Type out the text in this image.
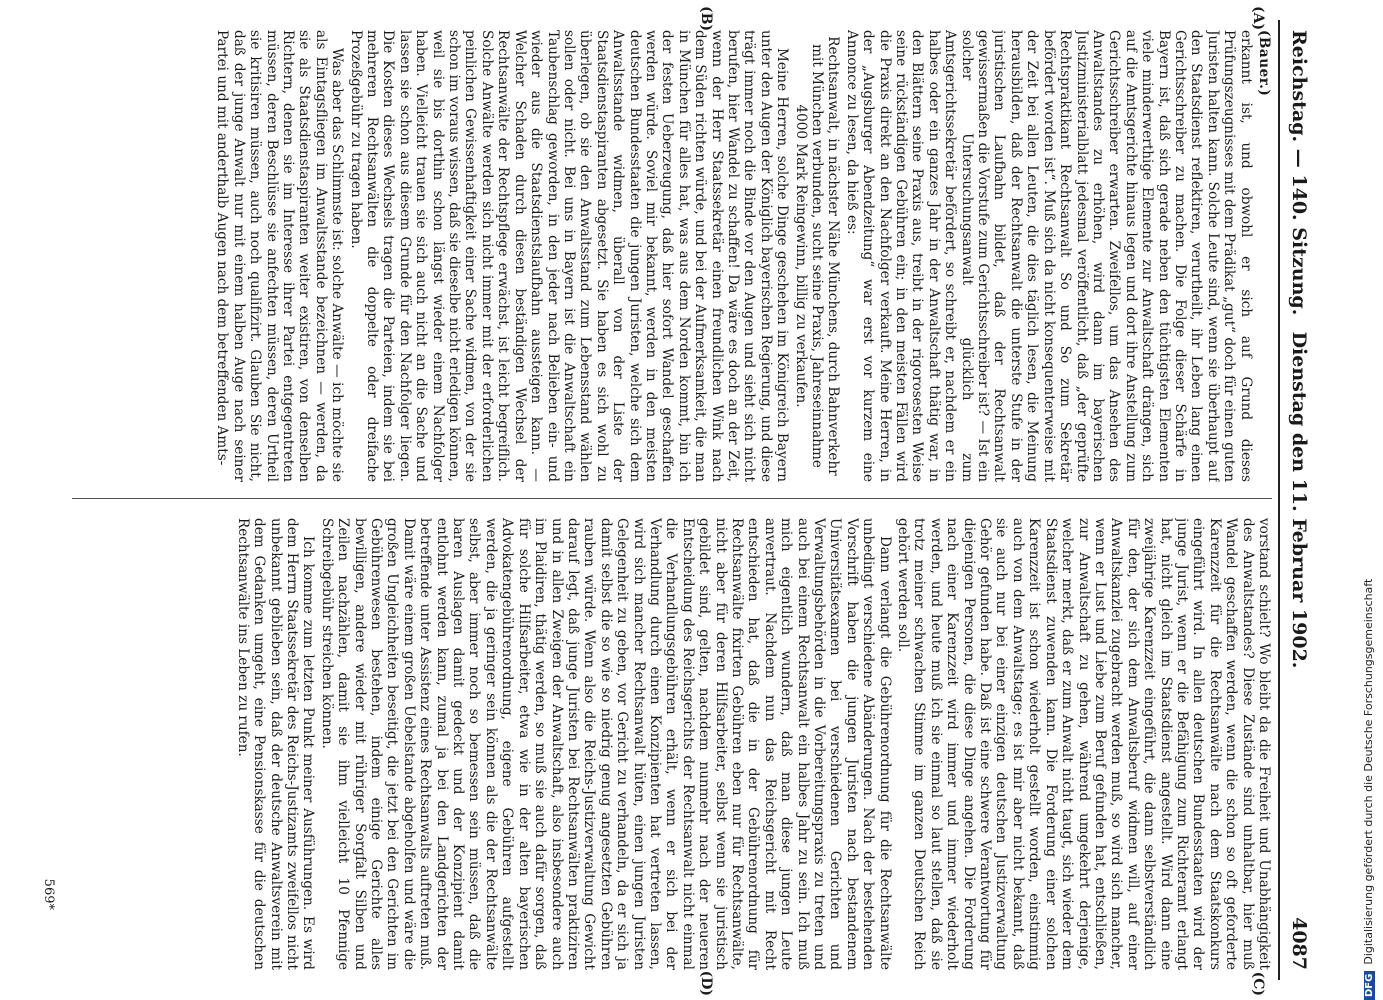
Reichstag. — 140. Sitzung.
Dienstag den 11. Februar 1902.
4087
(A)
(B)
(C)
(D)

(Bauer.)

erkannt ist, und obwohl er sich auf Grund dieses Prüfungszeugnisses mit dem Prädikat „gut“ doch für einen guten Juristen halten kann. Solche Leute sind, wenn sie überhaupt auf den Staatsdienst reflektiren, verurtheilt, ihr Leben lang einen Gerichtsschreiber zu machen. Die Folge dieser Schärfe in Bayern ist, daß sich gerade neben den tüchtigsten Elementen viele minderwerthige Elemente zur Anwaltschaft drängen, sich auf die Amtsgerichte hinaus legen und dort ihre Anstellung zum Gerichtsschreiber erwarten. Zweifellos, um das Ansehen des Anwaltstandes zu erhöhen, wird dann im bayerischen Justizministerialblatt jedesmal veröffentlicht, daß „der geprüfte Rechtspraktikant Rechtsanwalt So und So zum Sekretär befördert worden ist“. Muß sich da nicht konsequenterweise mit der Zeit bei allen Leuten, die dies täglich lesen, die Meinung herausbilden, daß der Rechtsanwalt die unterste Stufe in der juristischen Laufbahn bildet, daß der Rechtsanwalt gewissermaßen die Vorstufe zum Gerichtsschreiber ist? — Ist ein solcher Untersuchungsanwalt glücklich zum Amtsgerichtssekretär befördert, so schreibt er, nachdem er ein halbes oder ein ganzes Jahr in der Anwaltschaft thätig war, in den Blättern seine Praxis aus, treibt in der rigorosesten Weise seine rückständigen Gebühren ein; in den meisten Fällen wird die Praxis direkt an den Nachfolger verkauft. Meine Herren, in der „Augsburger Abendzeitung“ war erst vor kurzem eine Annonce zu lesen, da hieß es:

Rechtsanwalt, in nächster Nähe Münchens, durch Bahnverkehr mit München verbunden, sucht seine Praxis, Jahreseinnahme 4000 Mark Reingewinn, billig zu verkaufen.

Meine Herren, solche Dinge geschehen im Königreich Bayern unter den Augen der Königlich bayerischen Regierung, und diese trägt immer noch die Binde vor den Augen und sieht sich nicht berufen, hier Wandel zu schaffen! Da wäre es doch an der Zeit, wenn der Herr Staatssekretär einen freundlichen Wink nach dem Süden richten würde, und bei der Aufmerksamkeit, die man in München für alles hat, was aus dem Norden kommt, bin ich der festen Ueberzeugung, daß hier sofort Wandel geschaffen werden würde. Soviel mir bekannt, werden in den meisten deutschen Bundesstaaten die jungen Juristen, welche sich dem Anwaltsstande widmen, überall von der Liste der Staatsdienstaspiranten abgesetzt. Sie haben es sich wohl zu überlegen, ob sie den Anwaltsstand zum Lebensstand wählen sollen oder nicht. Bei uns in Bayern ist die Anwaltschaft ein Taubenschlag geworden, in den jeder nach Belieben ein- und wieder aus die Staatsdienstslaufbahn aussteigen kann. — Welcher Schaden durch diesen beständigen Wechsel der Rechtsanwälte der Rechtspflege erwächst, ist leicht begreiflich. Solche Anwälte werden sich nicht immer mit der erforderlichen peinlichen Gewissenhaftigkeit einer Sache widmen, von der sie schon im voraus wissen, daß sie dieselbe nicht erledigen können, weil sie bis dorthin schon längst wieder einem Nachfolger haben. Vielleicht trauen sie sich auch nicht an die Sache und lassen sie schon aus diesem Grunde für den Nachfolger liegen. Die Kosten dieses Wechsels tragen die Parteien, indem sie bei mehreren Rechtsanwälten die doppelte oder dreifache Prozeßgebühr zu tragen haben.

Was aber das Schlimmste ist: solche Anwälte — ich möchte sie als Eintagsfliegen im Anwaltsstande bezeichnen — werden, da sie als Staatsdienstaspiranten weiter existiren, von denselben Richtern, denen sie im Interesse ihrer Partei entgegentreten müssen, deren Beschlüsse sie anfechten müssen, deren Urtheil sie kritisiren müssen, auch noch qualifizirt. Glauben Sie nicht, daß der junge Anwalt nur mit einem halben Auge nach seiner Partei und mit anderthalb Augen nach dem betreffenden Amts-

vorstand schielt? Wo bleibt da die Freiheit und Unabhängigkeit des Anwaltstandes? Diese Zustände sind unhaltbar, hier muß Wandel geschaffen werden, wenn die schon so oft geforderte Karenzzeit für die Rechtsanwälte nach dem Staatskonkurs eingeführt wird. In allen deutschen Bundesstaaten wird der junge Jurist, wenn er die Befähigung zum Richteramt erlangt hat, nicht gleich im Staatsdienst angestellt. Wird dann eine zweijährige Karenzzeit eingeführt, die dann selbstverständlich für den, der sich dem Anwaltsberuf widmen will, auf einer Anwaltskanzlei zugebracht werden muß, so wird sich mancher, wenn er Lust und Liebe zum Beruf gefunden hat, entschließen, zur Anwaltschaft zu gehen, während umgekehrt derjenige, welcher merkt, daß er zum Anwalt nicht taugt, sich wieder dem Staatsdienst zuwenden kann. Die Forderung einer solchen Karenzzeit ist schon wiederholt gestellt worden, einstimmig auch von dem Anwaltstage; es ist mir aber nicht bekannt, daß sie auch nur bei einer einzigen deutschen Justizverwaltung Gehör gefunden habe. Daß ist eine schwere Verantwortung für diejenigen Personen, die diese Dinge angehen. Die Forderung nach einer Karenzzeit wird immer und immer wiederholt werden, und heute muß ich sie einmal so laut stellen, daß sie trotz meiner schwachen Stimme im ganzen Deutschen Reich gehört werden soll.

Dann verlangt die Gebührenordnung für die Rechtsanwälte unbedingt verschiedene Abänderungen. Nach der bestehenden Vorschrift haben die jungen Juristen nach bestandenem Universitätsexamen bei verschiedenen Gerichten und Verwaltungsbehörden in die Vorbereitungspraxis zu treten und auch bei einem Rechtsanwalt ein halbes Jahr zu sein. Ich muß mich eigentlich wundern, daß man diese jungen Leute anvertraut. Nachdem nun das Reichsgericht mit Recht entschieden hat, daß die in der Gebührenordnung für Rechtsanwälte fixirten Gebühren eben nur für Rechtsanwälte, nicht aber für deren Hilfsarbeiter, selbst wenn sie juristisch gebildet sind, gelten, nachdem nunmehr nach der neueren Entscheidung des Reichsgerichts der Rechtsanwalt nicht einmal die Verhandlungsgebühren erhält, wenn er sich bei der Verhandlung durch einen Konzipienten hat vertreten lassen, wird sich mancher Rechtsanwalt hüten, einen jungen Juristen Gelegenheit zu geben, vor Gericht zu verhandeln, da er sich ja damit selbst die so wie so niedrig genug angesetzten Gebühren rauben würde. Wenn also die Reichs-Justizverwaltung Gewicht darauf legt, daß junge Juristen bei Rechtsanwälten praktiziren und in allen Zweigen der Anwaltschaft, also insbesondere auch im Plaidiren, thätig werden, so muß sie auch dafür sorgen, daß für solche Hilfsarbeiter, etwa wie in der alten bayerischen Advokatengebührenordnung, eigene Gebühren aufgestellt werden, die ja geringer sein können als die der Rechtsanwälte selbst, aber immer noch so bemessen sein müssen, daß die baren Auslagen damit gedeckt und der Konzipient damit entlohnt werden kann, zumal ja bei den Landgerichten der betreffende unter Assistenz eines Rechtsanwalts auftreten muß. Damit wäre einem großen Uebelstande abgeholfen und wäre die großen Ungleichheiten beseitigt, die jetzt bei den Gerichten im Gebührenwesen bestehen, indem einige Gerichte alles bewilligen, andere wieder mit rühriger Sorgfalt Silben und Zeilen nachzählen, damit sie ihm vielleicht 10 Pfennige Schreibgebühr streichen können.

Ich komme zum letzten Punkt meiner Ausführungen. Es wird dem Herrn Staatssekretär des Reichs-Justizamts zweifellos nicht unbekannt geblieben sein, daß der deutsche Anwaltsverein mit dem Gedanken umgeht, eine Pensionskasse für die deutschen Rechtsanwälte ins Leben zu rufen.

569*
DFGDigitalisierung gefördert durch die Deutsche Forschungsgemeinschaft
